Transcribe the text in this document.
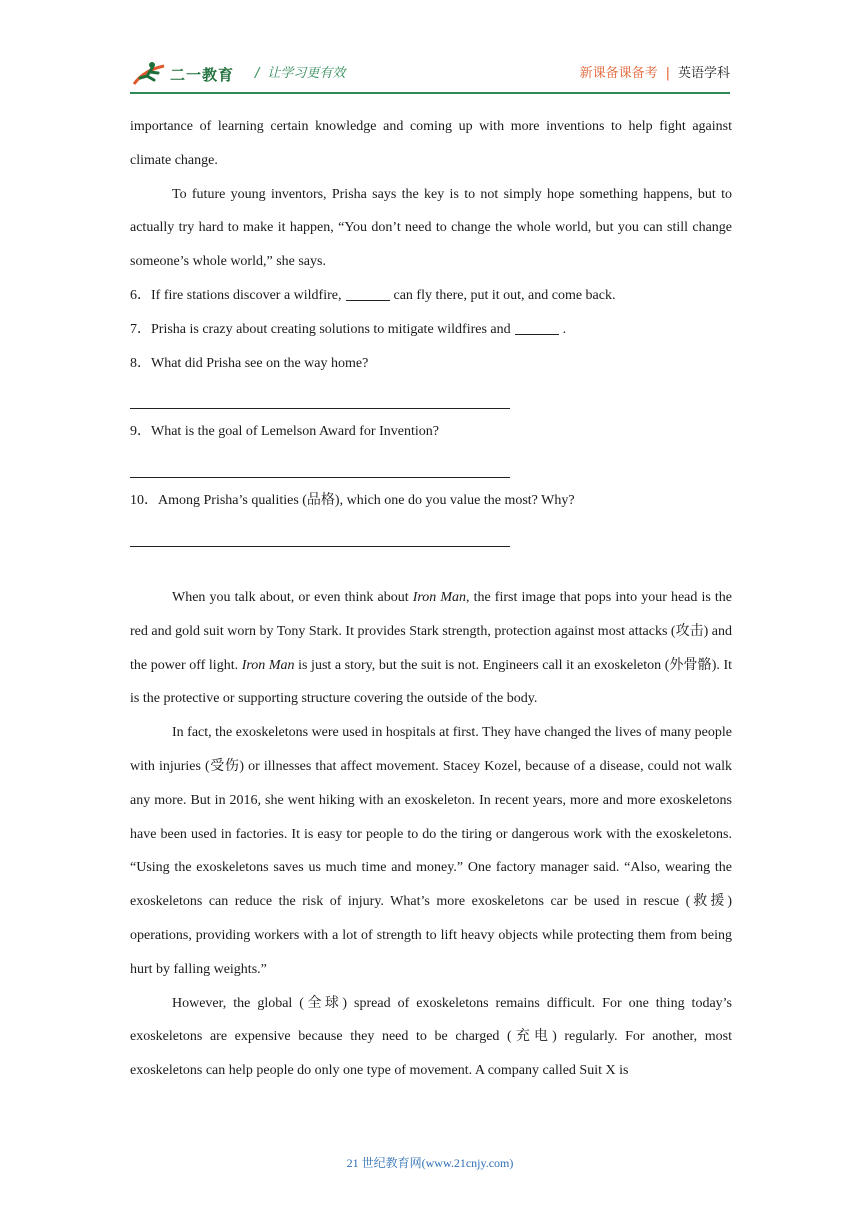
二一教育 / 让学习更有效	新课备课备考 | 英语学科

importance of learning certain knowledge and coming up with more inventions to help fight against climate change.

To future young inventors, Prisha says the key is to not simply hope something happens, but to actually try hard to make it happen, “You don’t need to change the whole world, but you can still change someone’s whole world,” she says.

6．If fire stations discover a wildfire,	can fly there, put it out, and come back.

7．Prisha is crazy about creating solutions to mitigate wildfires and	.

8．What did Prisha see on the way home?

9．What is the goal of Lemelson Award for Invention?

10．Among Prisha’s qualities (品格), which one do you value the most? Why?

When you talk about, or even think about Iron Man, the first image that pops into your head is the red and gold suit worn by Tony Stark. It provides Stark strength, protection against most attacks (攻击) and the power off light. Iron Man is just a story, but the suit is not. Engineers call it an exoskeleton (外骨骼). It is the protective or supporting structure covering the outside of the body.

In fact, the exoskeletons were used in hospitals at first. They have changed the lives of many people with injuries (受伤) or illnesses that affect movement. Stacey Kozel, because of a disease, could not walk any more. But in 2016, she went hiking with an exoskeleton. In recent years, more and more exoskeletons have been used in factories. It is easy tor people to do the tiring or dangerous work with the exoskeletons. “Using the exoskeletons saves us much time and money.” One factory manager said. “Also, wearing the exoskeletons can reduce the risk of injury. What’s more exoskeletons car be used in rescue (救援) operations, providing workers with a lot of strength to lift heavy objects while protecting them from being hurt by falling weights.”

However, the global (全球) spread of exoskeletons remains difficult. For one thing today’s exoskeletons are expensive because they need to be charged (充电) regularly. For another, most exoskeletons can help people do only one type of movement. A company called Suit X is

21 世纪教育网(www.21cnjy.com)
